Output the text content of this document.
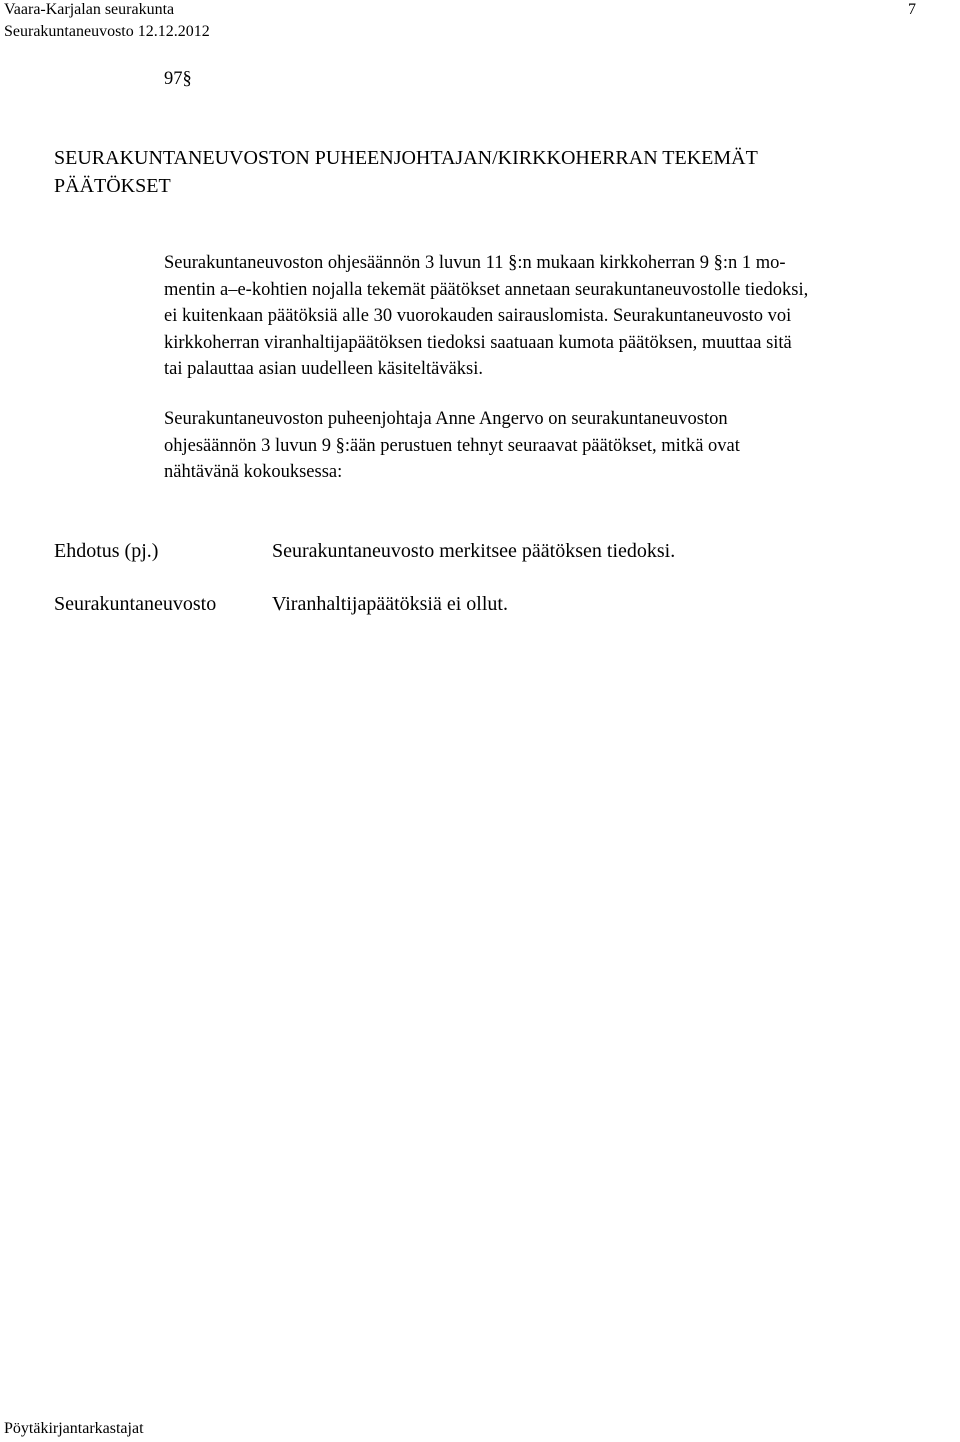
Vaara-Karjalan seurakunta
Seurakuntaneuvosto 12.12.2012
7
97§
SEURAKUNTANEUVOSTON PUHEENJOHTAJAN/KIRKKOHERRAN TEKEMÄT
PÄÄTÖKSET
Seurakuntaneuvoston ohjesäännön 3 luvun 11 §:n mukaan kirkkoherran 9 §:n 1 mo-
mentin a–e-kohtien nojalla tekemät päätökset annetaan seurakuntaneuvostolle tiedoksi,
ei kuitenkaan päätöksiä alle 30 vuorokauden sairauslomista. Seurakuntaneuvosto voi
kirkkoherran viranhaltijapäätöksen tiedoksi saatuaan kumota päätöksen, muuttaa sitä
tai palauttaa asian uudelleen käsiteltäväksi.
Seurakuntaneuvoston puheenjohtaja Anne Angervo on seurakuntaneuvoston
ohjesäännön 3 luvun 9 §:ään perustuen tehnyt seuraavat päätökset, mitkä ovat
nähtävänä kokouksessa:
Ehdotus (pj.)	Seurakuntaneuvosto merkitsee päätöksen tiedoksi.
Seurakuntaneuvosto	Viranhaltijapäätöksiä ei ollut.
Pöytäkirjantarkastajat
